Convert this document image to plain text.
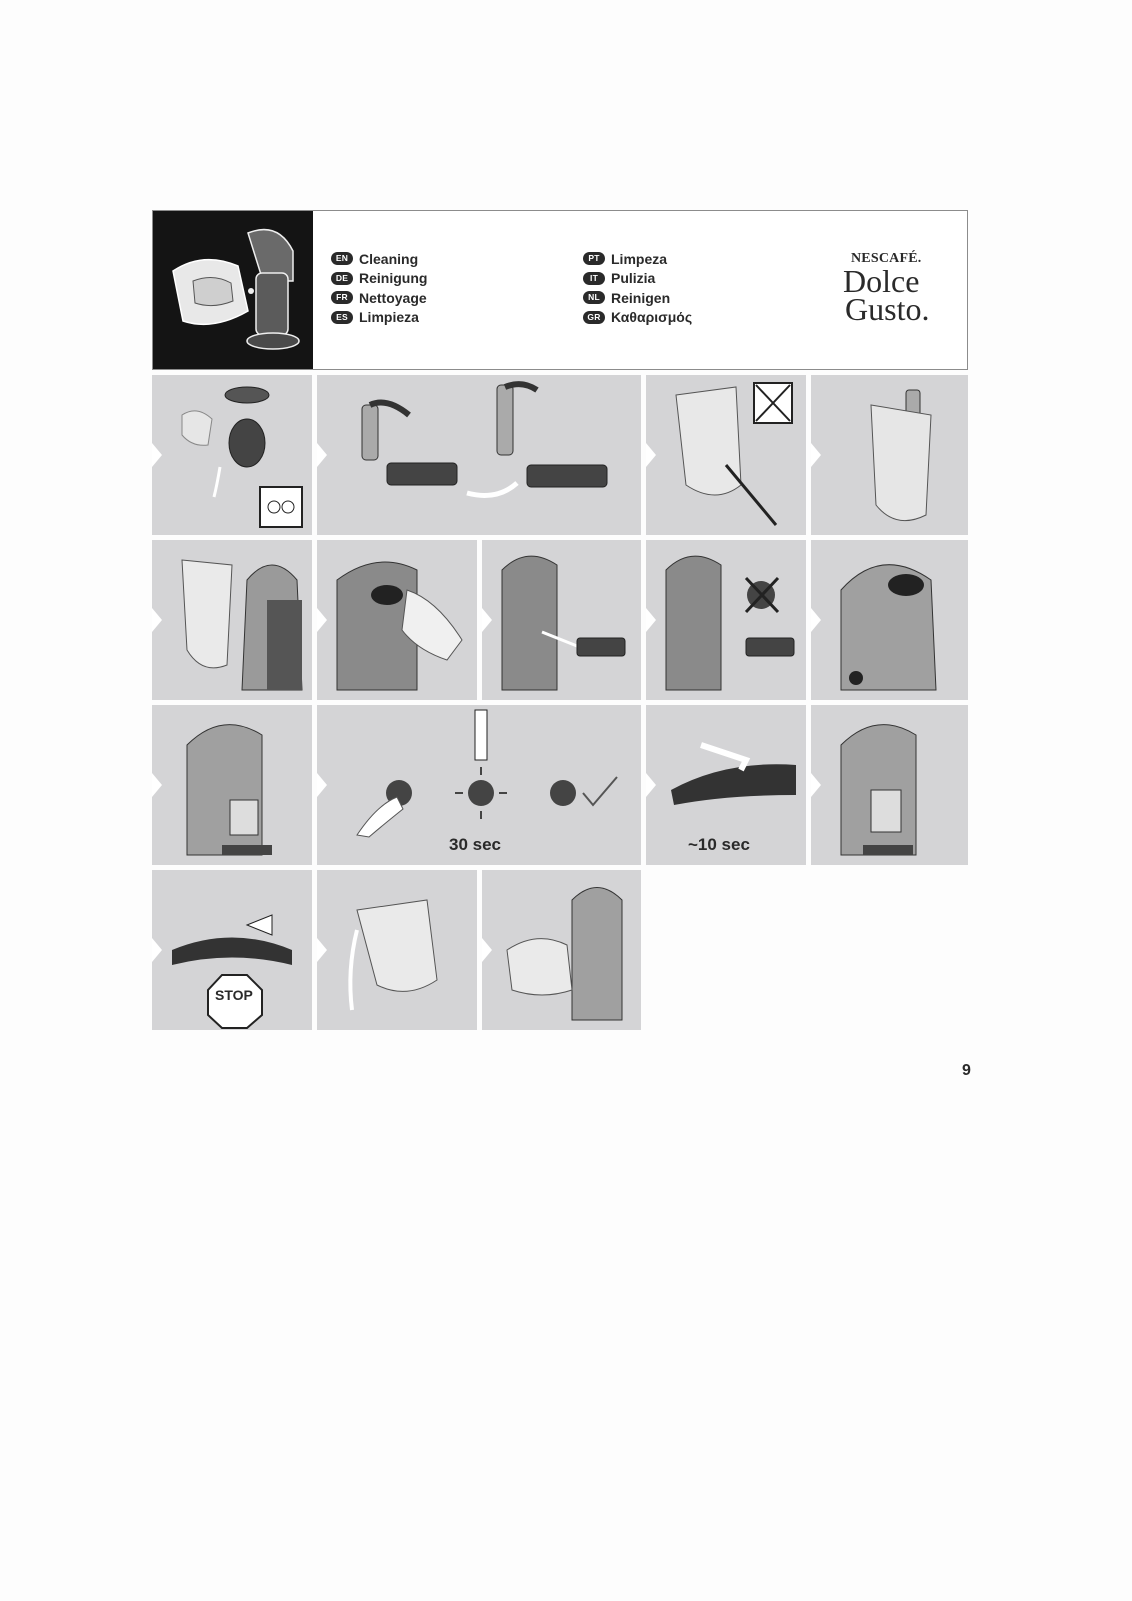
EN Cleaning
DE Reinigung
FR Nettoyage
ES Limpieza
PT Limpeza
IT Pulizia
NL Reinigen
GR Καθαρισμός
NESCAFÉ.
Dolce
Gusto.
30 sec	~10 sec
STOP
9
